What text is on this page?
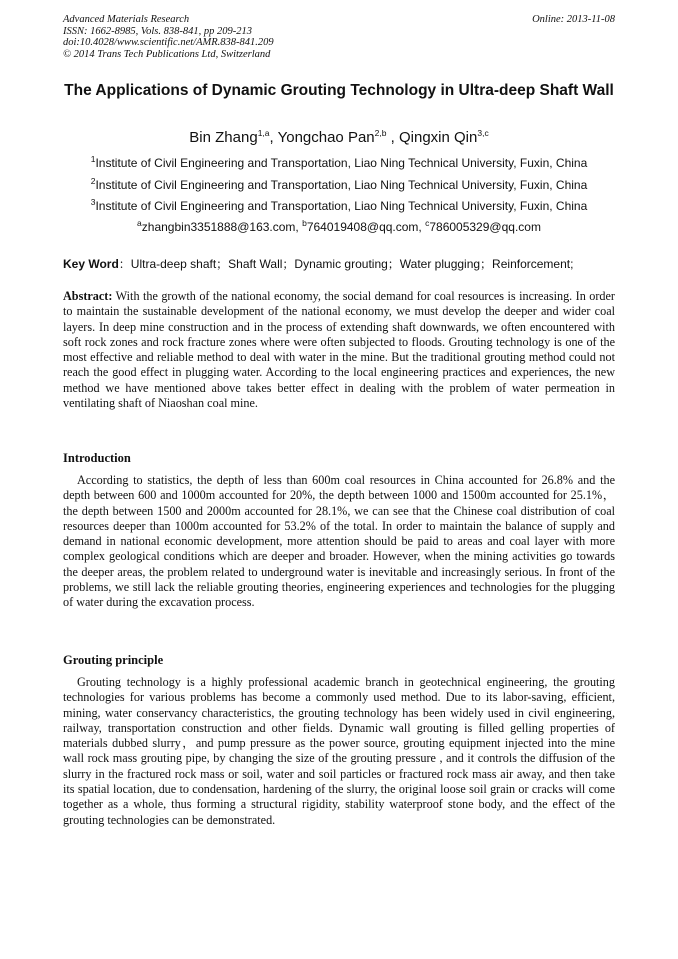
Advanced Materials Research
ISSN: 1662-8985, Vols. 838-841, pp 209-213
doi:10.4028/www.scientific.net/AMR.838-841.209
© 2014 Trans Tech Publications Ltd, Switzerland
Online: 2013-11-08
The Applications of Dynamic Grouting Technology in Ultra-deep Shaft Wall
Bin Zhang$^{1,a}$, Yongchao Pan$^{2,b}$ , Qingxin Qin$^{3,c}$
$^1$Institute of Civil Engineering and Transportation, Liao Ning Technical University, Fuxin, China
$^2$Institute of Civil Engineering and Transportation, Liao Ning Technical University, Fuxin, China
$^3$Institute of Civil Engineering and Transportation, Liao Ning Technical University, Fuxin, China
$^a$zhangbin3351888@163.com, $^b$764019408@qq.com, $^c$786005329@qq.com
Key Word：Ultra-deep shaft；Shaft Wall；Dynamic grouting；Water plugging；Reinforcement;
Abstract: With the growth of the national economy, the social demand for coal resources is increasing. In order to maintain the sustainable development of the national economy, we must develop the deeper and wider coal layers. In deep mine construction and in the process of extending shaft downwards, we often encountered with soft rock zones and rock fracture zones where were often subjected to floods. Grouting technology is one of the most effective and reliable method to deal with water in the mine. But the traditional grouting method could not reach the good effect in plugging water. According to the local engineering practices and experiences, the new method we have mentioned above takes better effect in dealing with the problem of water permeation in ventilating shaft of Niaoshan coal mine.
Introduction
According to statistics, the depth of less than 600m coal resources in China accounted for 26.8% and the depth between 600 and 1000m accounted for 20%, the depth between 1000 and 1500m accounted for 25.1%，the depth between 1500 and 2000m accounted for 28.1%, we can see that the Chinese coal distribution of coal resources deeper than 1000m accounted for 53.2% of the total. In order to maintain the balance of supply and demand in national economic development, more attention should be paid to areas and coal layer with more complex geological conditions which are deeper and broader. However, when the mining activities go towards the deeper areas, the problem related to underground water is inevitable and increasingly serious. In front of the problems, we still lack the reliable grouting theories, engineering experiences and technologies for the plugging of water during the excavation process.
Grouting principle
Grouting technology is a highly professional academic branch in geotechnical engineering, the grouting technologies for various problems has become a commonly used method. Due to its labor-saving, efficient, mining, water conservancy characteristics, the grouting technology has been widely used in civil engineering, railway, transportation construction and other fields. Dynamic wall grouting is filled gelling properties of materials dubbed slurry，and pump pressure as the power source, grouting equipment injected into the mine wall rock mass grouting pipe, by changing the size of the grouting pressure , and it controls the diffusion of the slurry in the fractured rock mass or soil, water and soil particles or fractured rock mass air away, and then take its spatial location, due to condensation, hardening of the slurry, the original loose soil grain or cracks will come together as a whole, thus forming a structural rigidity, stability waterproof stone body, and the effect of the grouting technologies can be demonstrated.
